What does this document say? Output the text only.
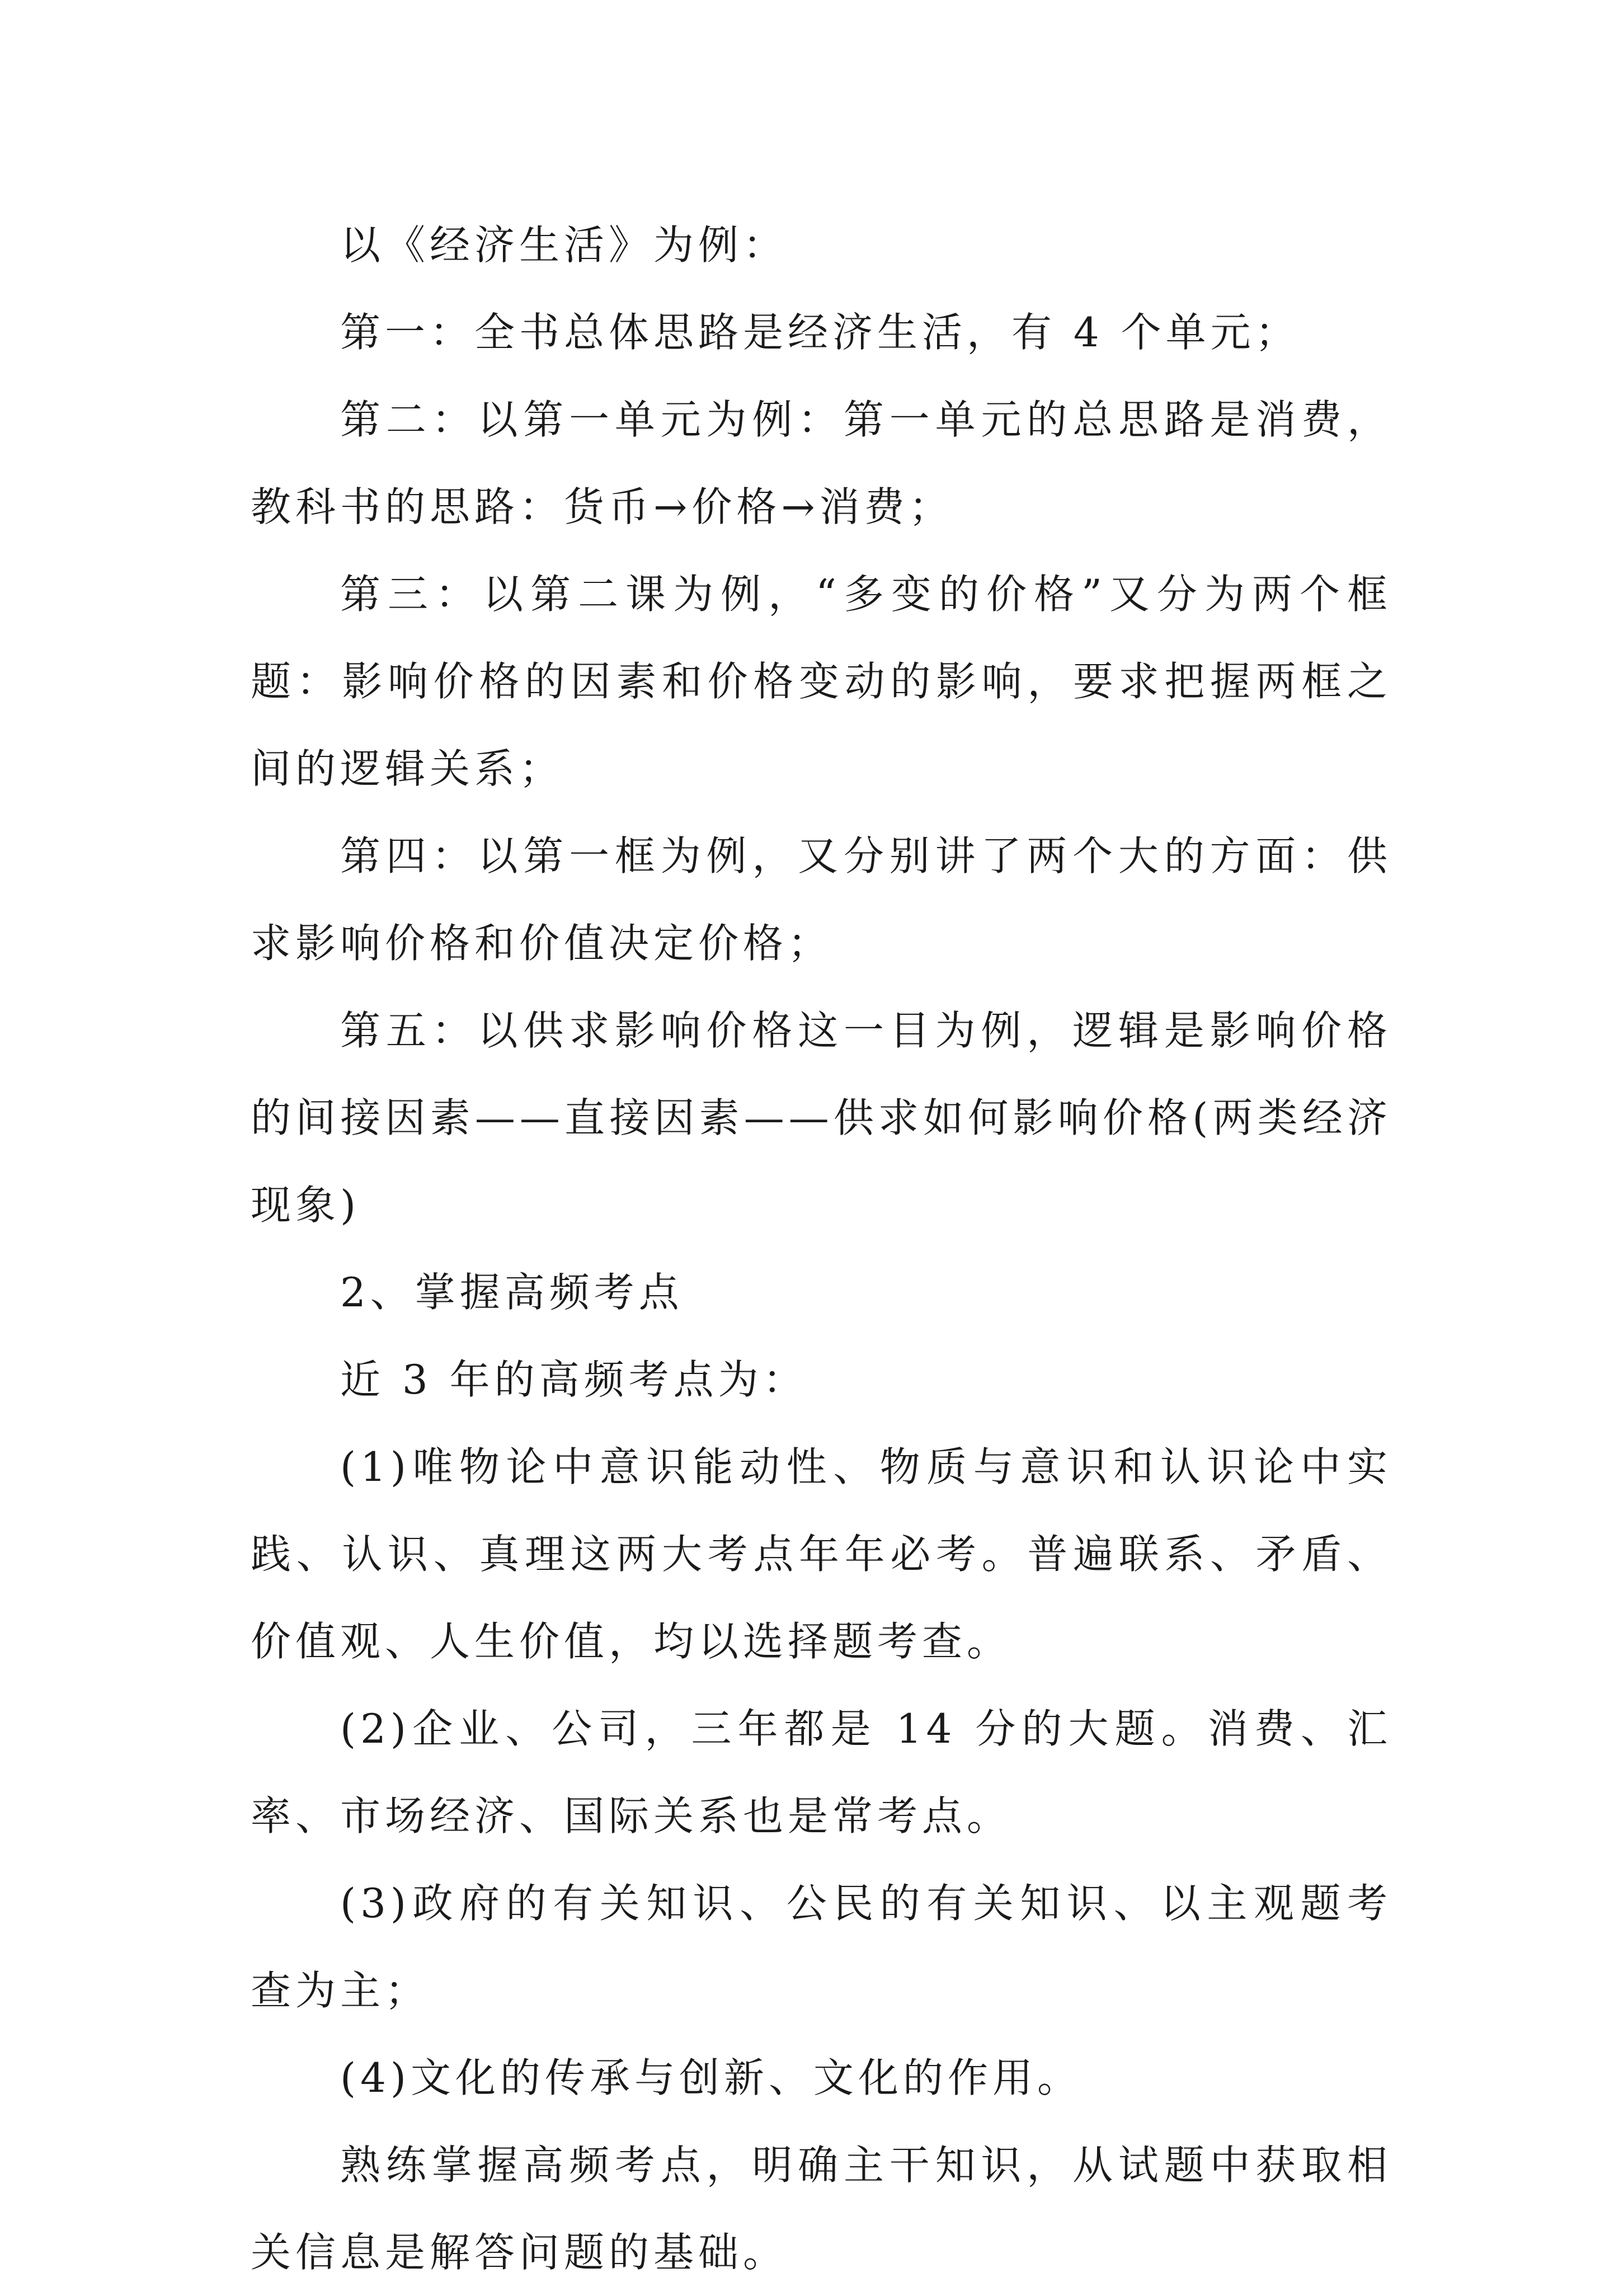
以《经济生活》为例：

第一：全书总体思路是经济生活，有 4 个单元；

第二：以第一单元为例：第一单元的总思路是消费，教科书的思路：货币→价格→消费；

第三：以第二课为例，“多变的价格”又分为两个框题：影响价格的因素和价格变动的影响，要求把握两框之间的逻辑关系；

第四：以第一框为例，又分别讲了两个大的方面：供求影响价格和价值决定价格；

第五：以供求影响价格这一目为例，逻辑是影响价格的间接因素——直接因素——供求如何影响价格(两类经济现象)

2、掌握高频考点

近 3 年的高频考点为：

(1)唯物论中意识能动性、物质与意识和认识论中实践、认识、真理这两大考点年年必考。普遍联系、矛盾、价值观、人生价值，均以选择题考查。

(2)企业、公司，三年都是 14 分的大题。消费、汇率、市场经济、国际关系也是常考点。

(3)政府的有关知识、公民的有关知识、以主观题考查为主；

(4)文化的传承与创新、文化的作用。

熟练掌握高频考点，明确主干知识，从试题中获取相关信息是解答问题的基础。
